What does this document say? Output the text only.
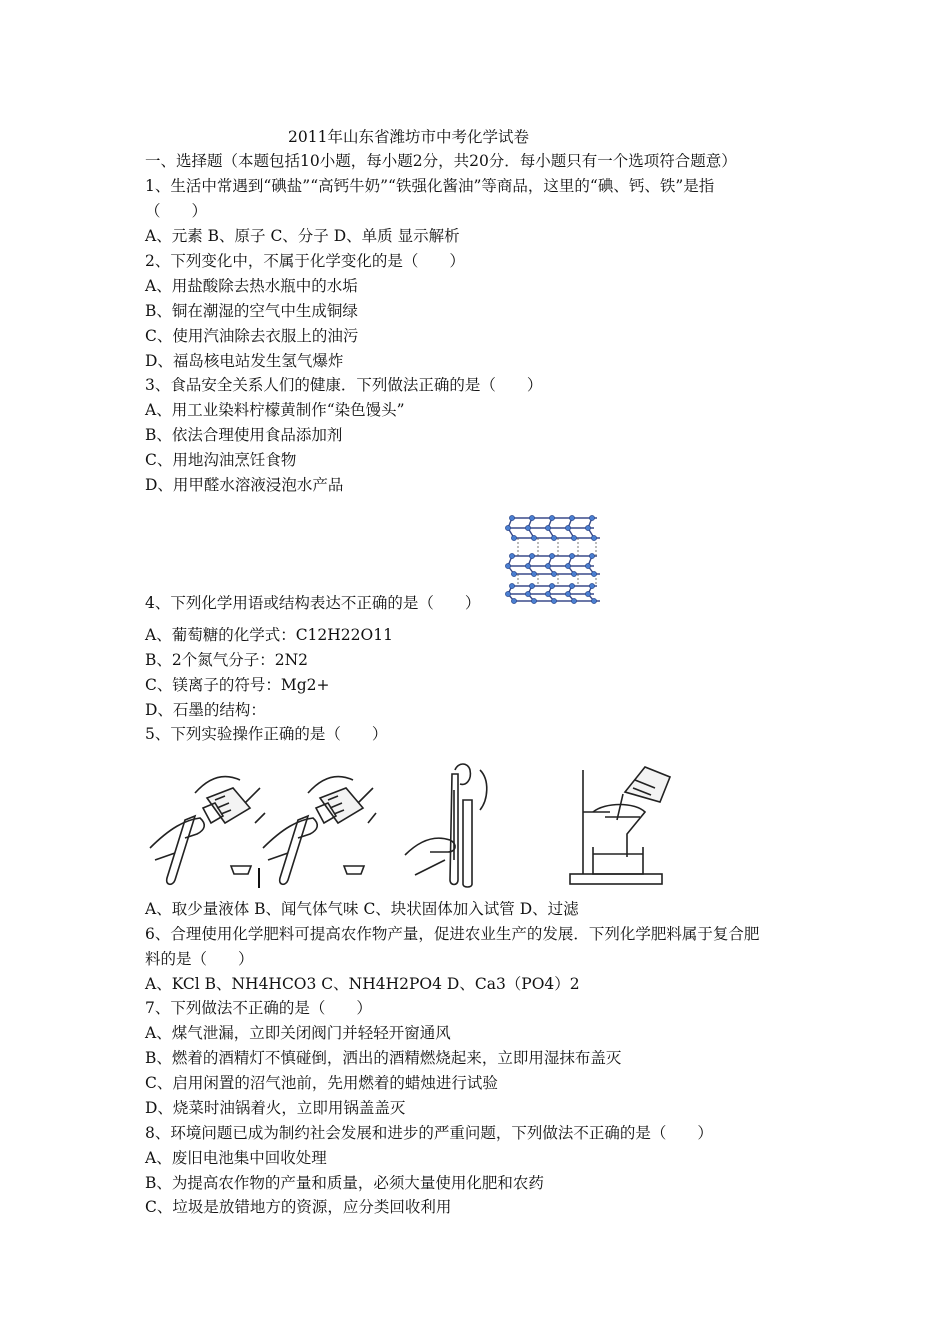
2011年山东省潍坊市中考化学试卷
一、选择题（本题包括10小题，每小题2分，共20分．每小题只有一个选项符合题意）
1、生活中常遇到“碘盐”“高钙牛奶”“铁强化酱油”等商品，这里的“碘、钙、铁”是指
（　　）
A、元素 B、原子 C、分子 D、单质 显示解析
2、下列变化中，不属于化学变化的是（　　）
A、用盐酸除去热水瓶中的水垢
B、铜在潮湿的空气中生成铜绿
C、使用汽油除去衣服上的油污
D、福岛核电站发生氢气爆炸
3、食品安全关系人们的健康．下列做法正确的是（　　）
A、用工业染料柠檬黄制作“染色馒头”
B、依法合理使用食品添加剂
C、用地沟油烹饪食物
D、用甲醛水溶液浸泡水产品
4、下列化学用语或结构表达不正确的是（　　）
A、葡萄糖的化学式：C12H22O11
B、2个氮气分子：2N2
C、镁离子的符号：Mg2+
D、石墨的结构：
5、下列实验操作正确的是（　　）
A、取少量液体 B、闻气体气味 C、块状固体加入试管 D、过滤
6、合理使用化学肥料可提高农作物产量，促进农业生产的发展．下列化学肥料属于复合肥
料的是（　　）
A、KCl B、NH4HCO3 C、NH4H2PO4 D、Ca3（PO4）2
7、下列做法不正确的是（　　）
A、煤气泄漏，立即关闭阀门并轻轻开窗通风
B、燃着的酒精灯不慎碰倒，洒出的酒精燃烧起来，立即用湿抹布盖灭
C、启用闲置的沼气池前，先用燃着的蜡烛进行试验
D、烧菜时油锅着火，立即用锅盖盖灭
8、环境问题已成为制约社会发展和进步的严重问题，下列做法不正确的是（　　）
A、废旧电池集中回收处理
B、为提高农作物的产量和质量，必须大量使用化肥和农药
C、垃圾是放错地方的资源，应分类回收利用
